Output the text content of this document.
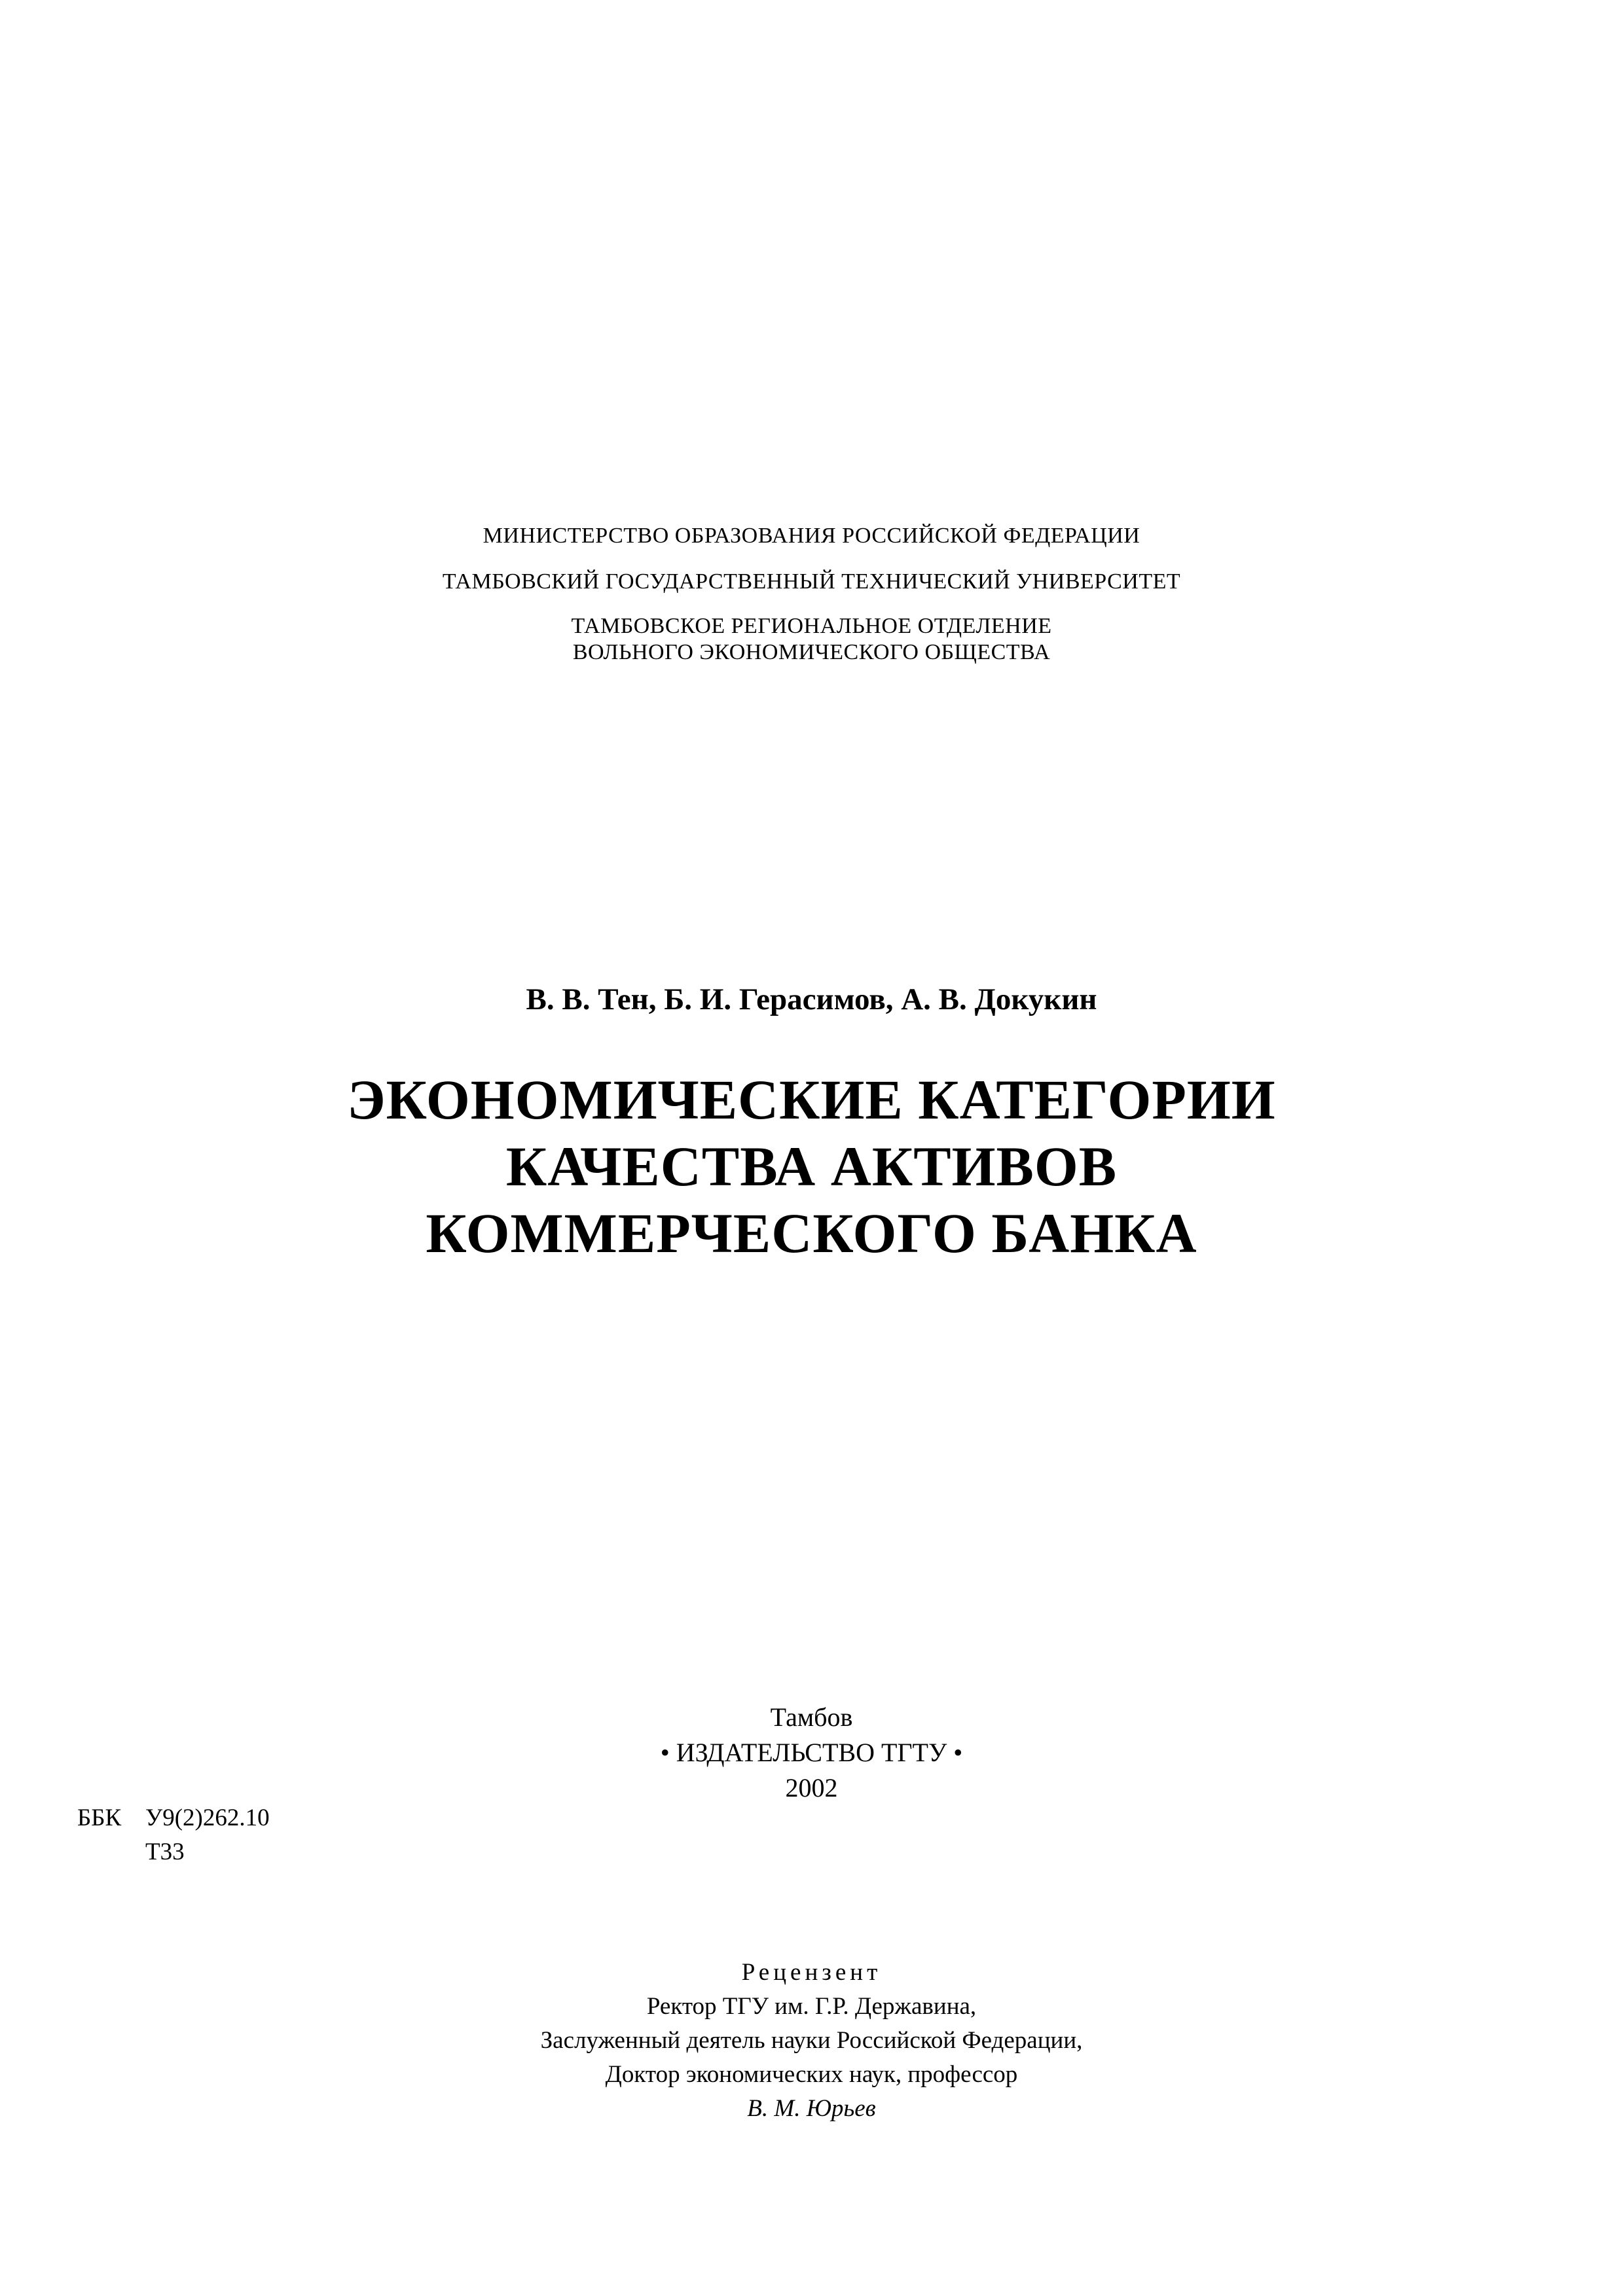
МИНИСТЕРСТВО ОБРАЗОВАНИЯ РОССИЙСКОЙ ФЕДЕРАЦИИ
ТАМБОВСКИЙ ГОСУДАРСТВЕННЫЙ ТЕХНИЧЕСКИЙ УНИВЕРСИТЕТ
ТАМБОВСКОЕ РЕГИОНАЛЬНОЕ ОТДЕЛЕНИЕ
ВОЛЬНОГО ЭКОНОМИЧЕСКОГО ОБЩЕСТВА
В. В. Тен, Б. И. Герасимов, А. В. Докукин
ЭКОНОМИЧЕСКИЕ КАТЕГОРИИ
КАЧЕСТВА АКТИВОВ
КОММЕРЧЕСКОГО БАНКА
Тамбов
• ИЗДАТЕЛЬСТВО ТГТУ •
2002
ББК У9(2)262.10
Т33
Рецензент
Ректор ТГУ им. Г.Р. Державина,
Заслуженный деятель науки Российской Федерации,
Доктор экономических наук, профессор
В. М. Юрьев
